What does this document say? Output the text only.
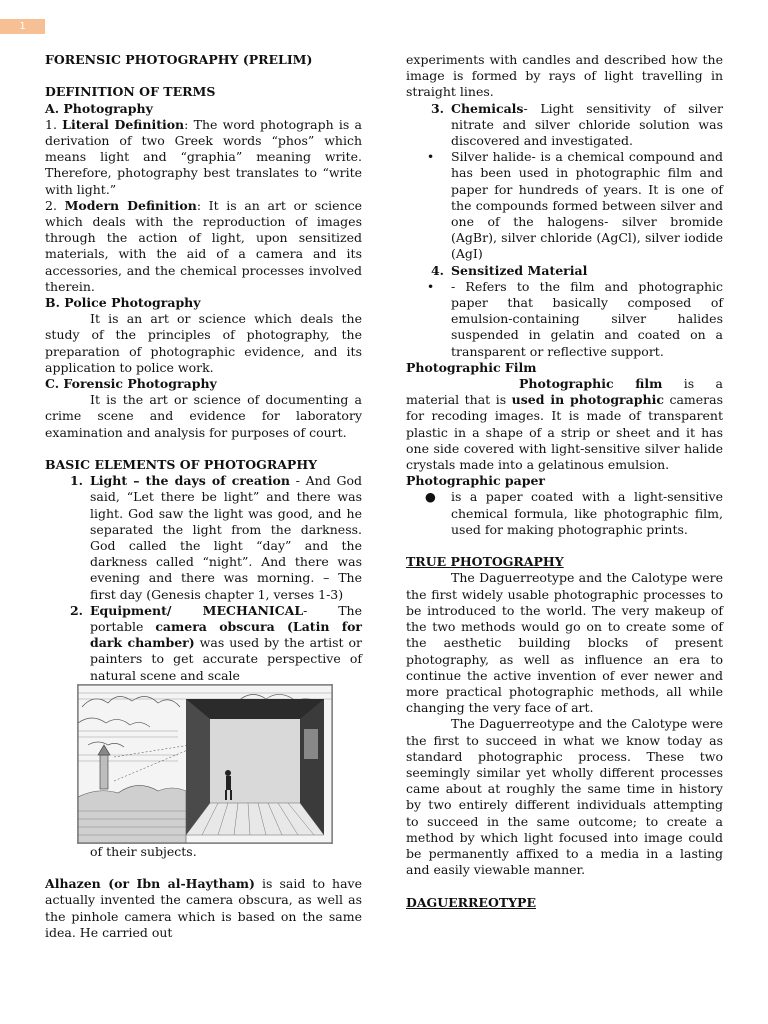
1

FORENSIC PHOTOGRAPHY (PRELIM)

DEFINITION OF TERMS

A. Photography

1. Literal Definition: The word photograph is a derivation of two Greek words “phos” which means light and “graphia” meaning write. Therefore, photography best translates to “write with light.”

2. Modern Definition: It is an art or science which deals with the reproduction of images through the action of light, upon sensitized materials, with the aid of a camera and its accessories, and the chemical processes involved therein.

B. Police Photography

It is an art or science which deals the study of the principles of photography, the preparation of photographic evidence, and its application to police work.

C. Forensic Photography

It is the art or science of documenting a crime scene and evidence for laboratory examination and analysis for purposes of court.

BASIC ELEMENTS OF PHOTOGRAPHY

1. Light – the days of creation - And God said, “Let there be light” and there was light. God saw the light was good, and he separated the light from the darkness. God called the light “day” and the darkness called “night”. And there was evening and there was morning. – The first day (Genesis chapter 1, verses 1-3)
2. Equipment/ MECHANICAL- The portable camera obscura (Latin for dark chamber) was used by the artist or painters to get accurate perspective of natural scene and scale

of their subjects.

Alhazen (or Ibn al-Haytham) is said to have actually invented the camera obscura, as well as the pinhole camera which is based on the same idea. He carried out

experiments with candles and described how the image is formed by rays of light travelling in straight lines.

3. Chemicals- Light sensitivity of silver nitrate and silver chloride solution was discovered and investigated.
•	Silver halide- is a chemical compound and has been used in photographic film and paper for hundreds of years. It is one of the compounds formed between silver and one of the halogens- silver bromide (AgBr), silver chloride (AgCl), silver iodide (AgI)
4. Sensitized Material
•	- Refers to the film and photographic paper that basically composed of emulsion-containing silver halides suspended in gelatin and coated on a transparent or reflective support.

Photographic Film

Photographic film is a material that is used in photographic cameras for recoding images. It is made of transparent plastic in a shape of a strip or sheet and it has one side covered with light-sensitive silver halide crystals made into a gelatinous emulsion.

Photographic paper

●	is a paper coated with a light-sensitive chemical formula, like photographic film, used for making photographic prints.

TRUE PHOTOGRAPHY

The Daguerreotype and the Calotype were the first widely usable photographic processes to be introduced to the world. The very makeup of the two methods would go on to create some of the aesthetic building blocks of present photography, as well as influence an era to continue the active invention of ever newer and more practical photographic methods, all while changing the very face of art.

The Daguerreotype and the Calotype were the first to succeed in what we know today as standard photographic process. These two seemingly similar yet wholly different processes came about at roughly the same time in history by two entirely different individuals attempting to succeed in the same outcome; to create a method by which light focused into image could be permanently affixed to a media in a lasting and easily viewable manner.

DAGUERREOTYPE
